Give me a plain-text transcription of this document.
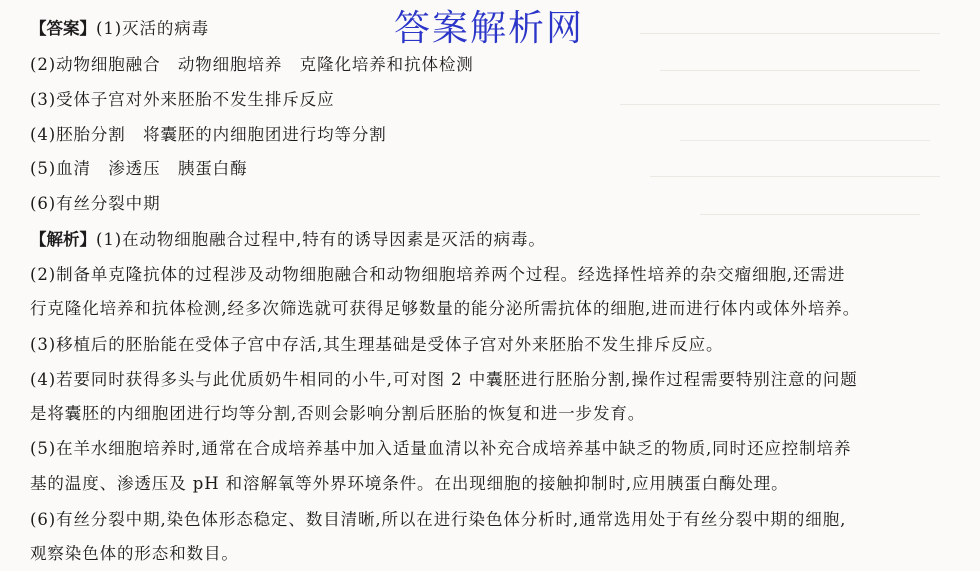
【答案】(1)灭活的病毒
(2)动物细胞融合　动物细胞培养　克隆化培养和抗体检测
(3)受体子宫对外来胚胎不发生排斥反应
(4)胚胎分割　将囊胚的内细胞团进行均等分割
(5)血清　渗透压　胰蛋白酶
(6)有丝分裂中期
【解析】(1)在动物细胞融合过程中,特有的诱导因素是灭活的病毒。
(2)制备单克隆抗体的过程涉及动物细胞融合和动物细胞培养两个过程。经选择性培养的杂交瘤细胞,还需进
行克隆化培养和抗体检测,经多次筛选就可获得足够数量的能分泌所需抗体的细胞,进而进行体内或体外培养。
(3)移植后的胚胎能在受体子宫中存活,其生理基础是受体子宫对外来胚胎不发生排斥反应。
(4)若要同时获得多头与此优质奶牛相同的小牛,可对图 2 中囊胚进行胚胎分割,操作过程需要特别注意的问题
是将囊胚的内细胞团进行均等分割,否则会影响分割后胚胎的恢复和进一步发育。
(5)在羊水细胞培养时,通常在合成培养基中加入适量血清以补充合成培养基中缺乏的物质,同时还应控制培养
基的温度、渗透压及 pH 和溶解氧等外界环境条件。在出现细胞的接触抑制时,应用胰蛋白酶处理。
(6)有丝分裂中期,染色体形态稳定、数目清晰,所以在进行染色体分析时,通常选用处于有丝分裂中期的细胞,
观察染色体的形态和数目。
答案解析网
